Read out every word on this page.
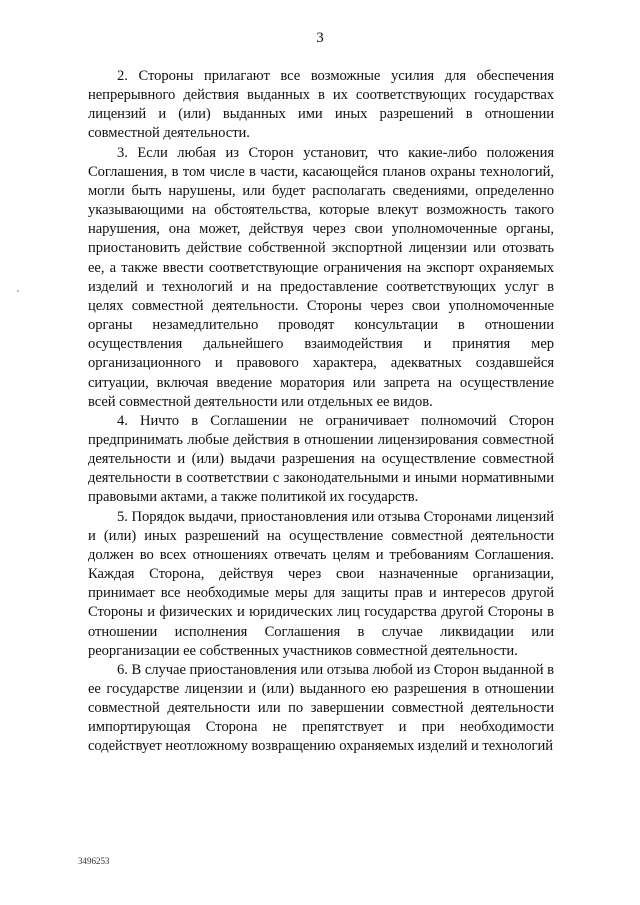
3

2. Стороны прилагают все возможные усилия для обеспечения непрерывного действия выданных в их соответствующих государствах лицензий и (или) выданных ими иных разрешений в отношении совместной деятельности.

3. Если любая из Сторон установит, что какие-либо положения Соглашения, в том числе в части, касающейся планов охраны технологий, могли быть нарушены, или будет располагать сведениями, определенно указывающими на обстоятельства, которые влекут возможность такого нарушения, она может, действуя через свои уполномоченные органы, приостановить действие собственной экспортной лицензии или отозвать ее, а также ввести соответствующие ограничения на экспорт охраняемых изделий и технологий и на предоставление соответствующих услуг в целях совместной деятельности. Стороны через свои уполномоченные органы незамедлительно проводят консультации в отношении осуществления дальнейшего взаимодействия и принятия мер организационного и правового характера, адекватных создавшейся ситуации, включая введение моратория или запрета на осуществление всей совместной деятельности или отдельных ее видов.

4. Ничто в Соглашении не ограничивает полномочий Сторон предпринимать любые действия в отношении лицензирования совместной деятельности и (или) выдачи разрешения на осуществление совместной деятельности в соответствии с законодательными и иными нормативными правовыми актами, а также политикой их государств.

5. Порядок выдачи, приостановления или отзыва Сторонами лицензий и (или) иных разрешений на осуществление совместной деятельности должен во всех отношениях отвечать целям и требованиям Соглашения. Каждая Сторона, действуя через свои назначенные организации, принимает все необходимые меры для защиты прав и интересов другой Стороны и физических и юридических лиц государства другой Стороны в отношении исполнения Соглашения в случае ликвидации или реорганизации ее собственных участников совместной деятельности.

6. В случае приостановления или отзыва любой из Сторон выданной в ее государстве лицензии и (или) выданного ею разрешения в отношении совместной деятельности или по завершении совместной деятельности импортирующая Сторона не препятствует и при необходимости содействует неотложному возвращению охраняемых изделий и технологий

3496253
